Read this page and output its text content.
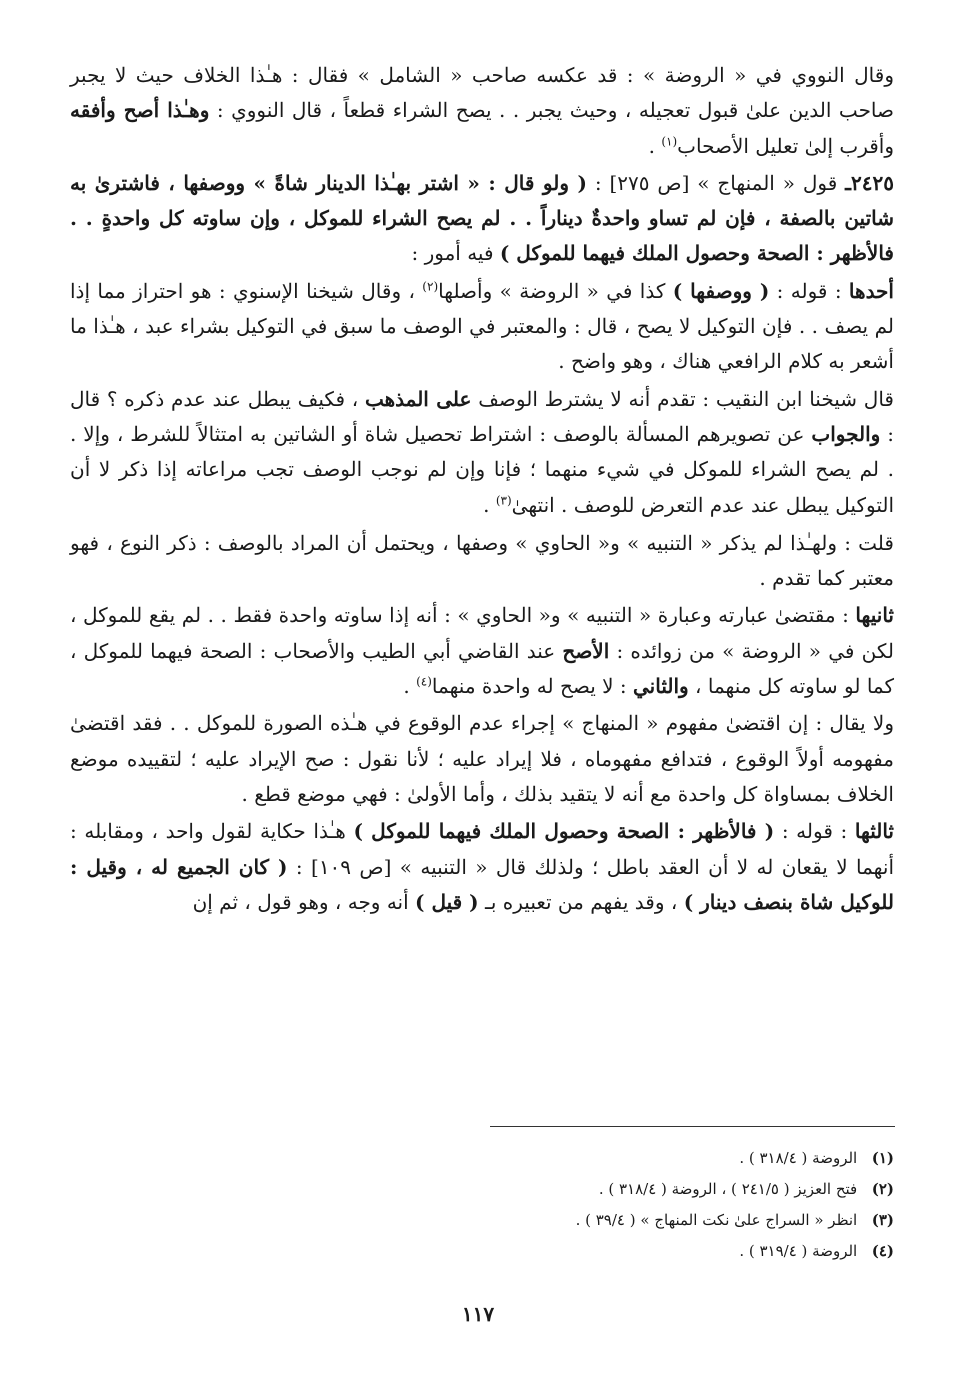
وقال النووي في « الروضة » : قد عكسه صاحب « الشامل » فقال : هـٰذا الخلاف حيث لا يجبر صاحب الدين علىٰ قبول تعجيله ، وحيث يجبر . . يصح الشراء قطعاً ، قال النووي : وهـٰذا أصح وأفقه وأقرب إلىٰ تعليل الأصحاب$^{(١)}$ .

٢٤٢٥ـ قول « المنهاج » [ص ٢٧٥] : ( ولو قال : « اشتر بهـٰذا الدينار شاةً » ووصفها ، فاشترىٰ به شاتين بالصفة ، فإن لم تساو واحدةٌ ديناراً . . لم يصح الشراء للموكل ، وإن ساوته كل واحدةٍ . . فالأظهر : الصحة وحصول الملك فيهما للموكل ) فيه أمور :

أحدها : قوله : ( ووصفها ) كذا في « الروضة » وأصلها$^{(٢)}$ ، وقال شيخنا الإسنوي : هو احتراز مما إذا لم يصف . . فإن التوكيل لا يصح ، قال : والمعتبر في الوصف ما سبق في التوكيل بشراء عبد ، هـٰذا ما أشعر به كلام الرافعي هناك ، وهو واضح .

قال شيخنا ابن النقيب : تقدم أنه لا يشترط الوصف على المذهب ، فكيف يبطل عند عدم ذكره ؟ قال : والجواب عن تصويرهم المسألة بالوصف : اشتراط تحصيل شاة أو الشاتين به امتثالاً للشرط ، وإلا . . لم يصح الشراء للموكل في شيء منهما ؛ فإنا وإن لم نوجب الوصف تجب مراعاته إذا ذكر لا أن التوكيل يبطل عند عدم التعرض للوصف . انتهىٰ$^{(٣)}$ .

قلت : ولهـٰذا لم يذكر « التنبيه » و« الحاوي » وصفها ، ويحتمل أن المراد بالوصف : ذكر النوع ، فهو معتبر كما تقدم .

ثانيها : مقتضىٰ عبارته وعبارة « التنبيه » و« الحاوي » : أنه إذا ساوته واحدة فقط . . لم يقع للموكل ، لكن في « الروضة » من زوائده : الأصح عند القاضي أبي الطيب والأصحاب : الصحة فيهما للموكل ، كما لو ساوته كل منهما ، والثاني : لا يصح له واحدة منهما$^{(٤)}$ .

ولا يقال : إن اقتضىٰ مفهوم « المنهاج » إجراء عدم الوقوع في هـٰذه الصورة للموكل . . فقد اقتضىٰ مفهومه أولاً الوقوع ، فتدافع مفهوماه ، فلا إيراد عليه ؛ لأنا نقول : صح الإيراد عليه ؛ لتقييده موضع الخلاف بمساواة كل واحدة مع أنه لا يتقيد بذلك ، وأما الأولىٰ : فهي موضع قطع .

ثالثها : قوله : ( فالأظهر : الصحة وحصول الملك فيهما للموكل ) هـٰذا حكاية لقول واحد ، ومقابله : أنهما لا يقعان له لا أن العقد باطل ؛ ولذلك قال « التنبيه » [ص ١٠٩] : ( كان الجميع له ، وقيل : للوكيل شاة بنصف دينار ) ، وقد يفهم من تعبيره بـ ( قيل ) أنه وجه ، وهو قول ، ثم إن

(١) الروضة ( ٣١٨/٤ ) .
(٢) فتح العزيز ( ٢٤١/٥ ) ، الروضة ( ٣١٨/٤ ) .
(٣) انظر « السراج علىٰ نكت المنهاج » ( ٣٩/٤ ) .
(٤) الروضة ( ٣١٩/٤ ) .
١١٧
